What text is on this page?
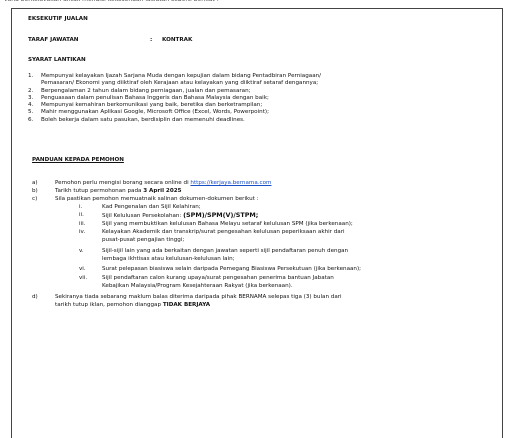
EKSEKUTIF JUALAN
TARAF JAWATAN	: KONTRAK
SYARAT LANTIKAN
1. Mempunyai kelayakan Ijazah Sarjana Muda dengan kepujian dalam bidang Pentadbiran Perniagaan/
Pemasaran/ Ekonomi yang diiktiraf oleh Kerajaan atau kelayakan yang diiktiraf setaraf dengannya;
2. Berpengalaman 2 tahun dalam bidang perniagaan, jualan dan pemasaran;
3. Penguasaan dalam penulisan Bahasa Inggeris dan Bahasa Malaysia dengan baik;
4. Mempunyai kemahiran berkomunikasi yang baik, beretika dan berketrampilan;
5. Mahir menggunakan Aplikasi Google, Microsoft Office (Excel, Words, Powerpoint);
6. Boleh bekerja dalam satu pasukan, berdisiplin dan memenuhi deadlines.
PANDUAN KEPADA PEMOHON
a)	Pemohon perlu mengisi borang secara online di https://kerjaya.bernama.com
b)	Tarikh tutup permohonan pada 3 April 2025
c)	Sila pastikan pemohon memuatnaik salinan dokumen-dokumen berikut :
i.	Kad Pengenalan dan Sijil Kelahiran;
ii.	Sijil Kelulusan Persekolahan: (SPM)/SPM(V)/STPM;
iii.	Sijil yang membuktikan kelulusan Bahasa Melayu setaraf kelulusan SPM (jika berkenaan);
iv.	Kelayakan Akademik dan transkrip/surat pengesahan kelulusan peperiksaan akhir dari
pusat-pusat pengajian tinggi;
v.	Sijil-sijil lain yang ada berkaitan dengan jawatan seperti sijil pendaftaran penuh dengan
lembaga ikhtisas atau kelulusan-kelulusan lain;
vi.	Surat pelepasan biasiswa selain daripada Pemegang Biasiswa Persekutuan (jika berkenaan);
vii.	Sijil pendaftaran calon kurang upaya/surat pengesahan penerima bantuan Jabatan
Kebajikan Malaysia/Program Kesejahteraan Rakyat (jika berkenaan).
d)	Sekiranya tiada sebarang maklum balas diterima daripada pihak BERNAMA selepas tiga (3) bulan dari
tarikh tutup iklan, pemohon dianggap TIDAK BERJAYA
